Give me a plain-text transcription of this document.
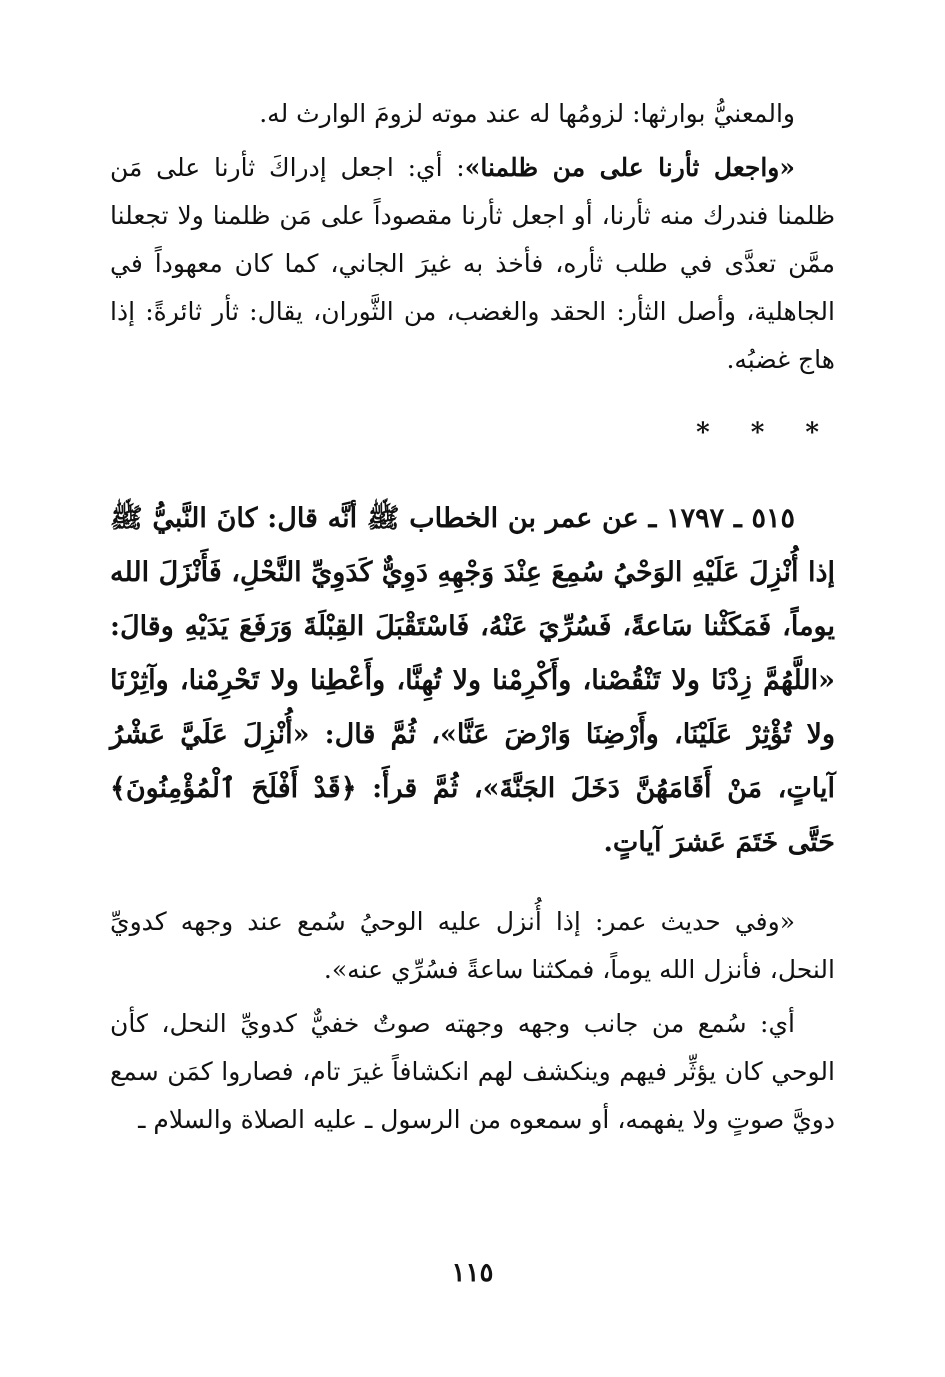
والمعنيُّ بوارثها: لزومُها له عند موته لزومَ الوارث له.

«واجعل ثأرنا على من ظلمنا»: أي: اجعل إدراكَ ثأرنا على مَن ظلمنا فندرك منه ثأرنا، أو اجعل ثأرنا مقصوداً على مَن ظلمنا ولا تجعلنا ممَّن تعدَّى في طلب ثأره، فأخذ به غيرَ الجاني، كما كان معهوداً في الجاهلية، وأصل الثأر: الحقد والغضب، من الثَّوران، يقال: ثأر ثائرةً: إذا هاج غضبُه.

* * *

٥١٥ ـ ١٧٩٧ ـ عن عمر بن الخطاب ﷺ أنَّه قال: كانَ النَّبيُّ ﷺ إذا أُنْزِلَ عَلَيْهِ الوَحْيُ سُمِعَ عِنْدَ وَجْهِهِ دَوِيٌّ كَدَوِيِّ النَّحْلِ، فَأَنْزَلَ الله يوماً، فَمَكَثْنا سَاعةً، فَسُرِّيَ عَنْهُ، فَاسْتَقْبَلَ القِبْلَةَ وَرَفَعَ يَدَيْهِ وقالَ: «اللَّهُمَّ زِدْنَا ولا تَنْقُصْنا، وأَكْرِمْنا ولا تُهِنَّا، وأَعْطِنا ولا تَحْرِمْنا، وآثِرْنَا ولا تُؤْثِرْ عَلَيْنَا، وأَرْضِنَا وَارْضَ عَنَّا»، ثُمَّ قال: «أُنْزِلَ عَلَيَّ عَشْرُ آياتٍ، مَنْ أَقَامَهُنَّ دَخَلَ الجَنَّةَ»، ثُمَّ قرأَ: ﴿قَدْ أَفْلَحَ ٱلْمُؤْمِنُونَ﴾ حَتَّى خَتَمَ عَشرَ آياتٍ.

«وفي حديث عمر: إذا أُنزل عليه الوحيُ سُمع عند وجهه كدويِّ النحل، فأنزل الله يوماً، فمكثنا ساعةً فسُرِّي عنه».

أي: سُمع من جانب وجهه وجهته صوتٌ خفيٌّ كدويِّ النحل، كأن الوحي كان يؤثِّر فيهم وينكشف لهم انكشافاً غيرَ تام، فصاروا كمَن سمع دويَّ صوتٍ ولا يفهمه، أو سمعوه من الرسول ـ عليه الصلاة والسلام ـ

١١٥
